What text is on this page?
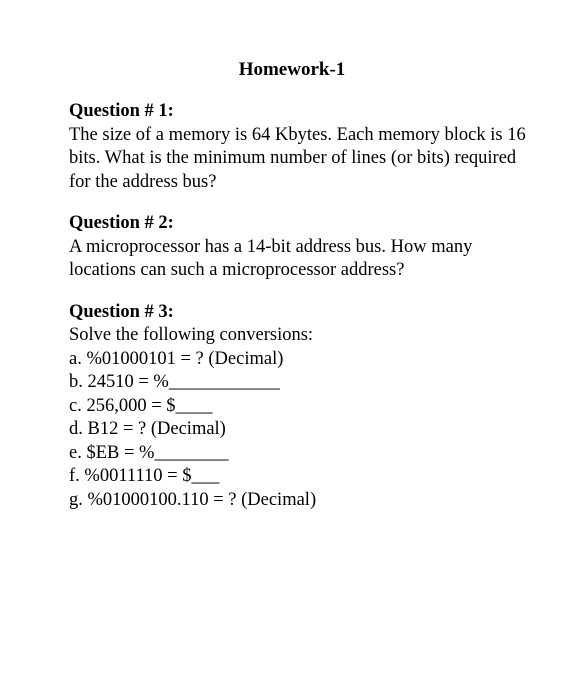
Homework-1
Question # 1:
The size of a memory is 64 Kbytes. Each memory block is 16 bits. What is the minimum number of lines (or bits) required for the address bus?
Question # 2:
A microprocessor has a 14-bit address bus. How many locations can such a microprocessor address?
Question # 3:
Solve the following conversions:
a. %01000101 = ? (Decimal)
b. 24510 = %____________
c. 256,000 = $____
d. B12 = ? (Decimal)
e. $EB = %________
f. %0011110 = $___
g. %01000100.110 = ? (Decimal)
